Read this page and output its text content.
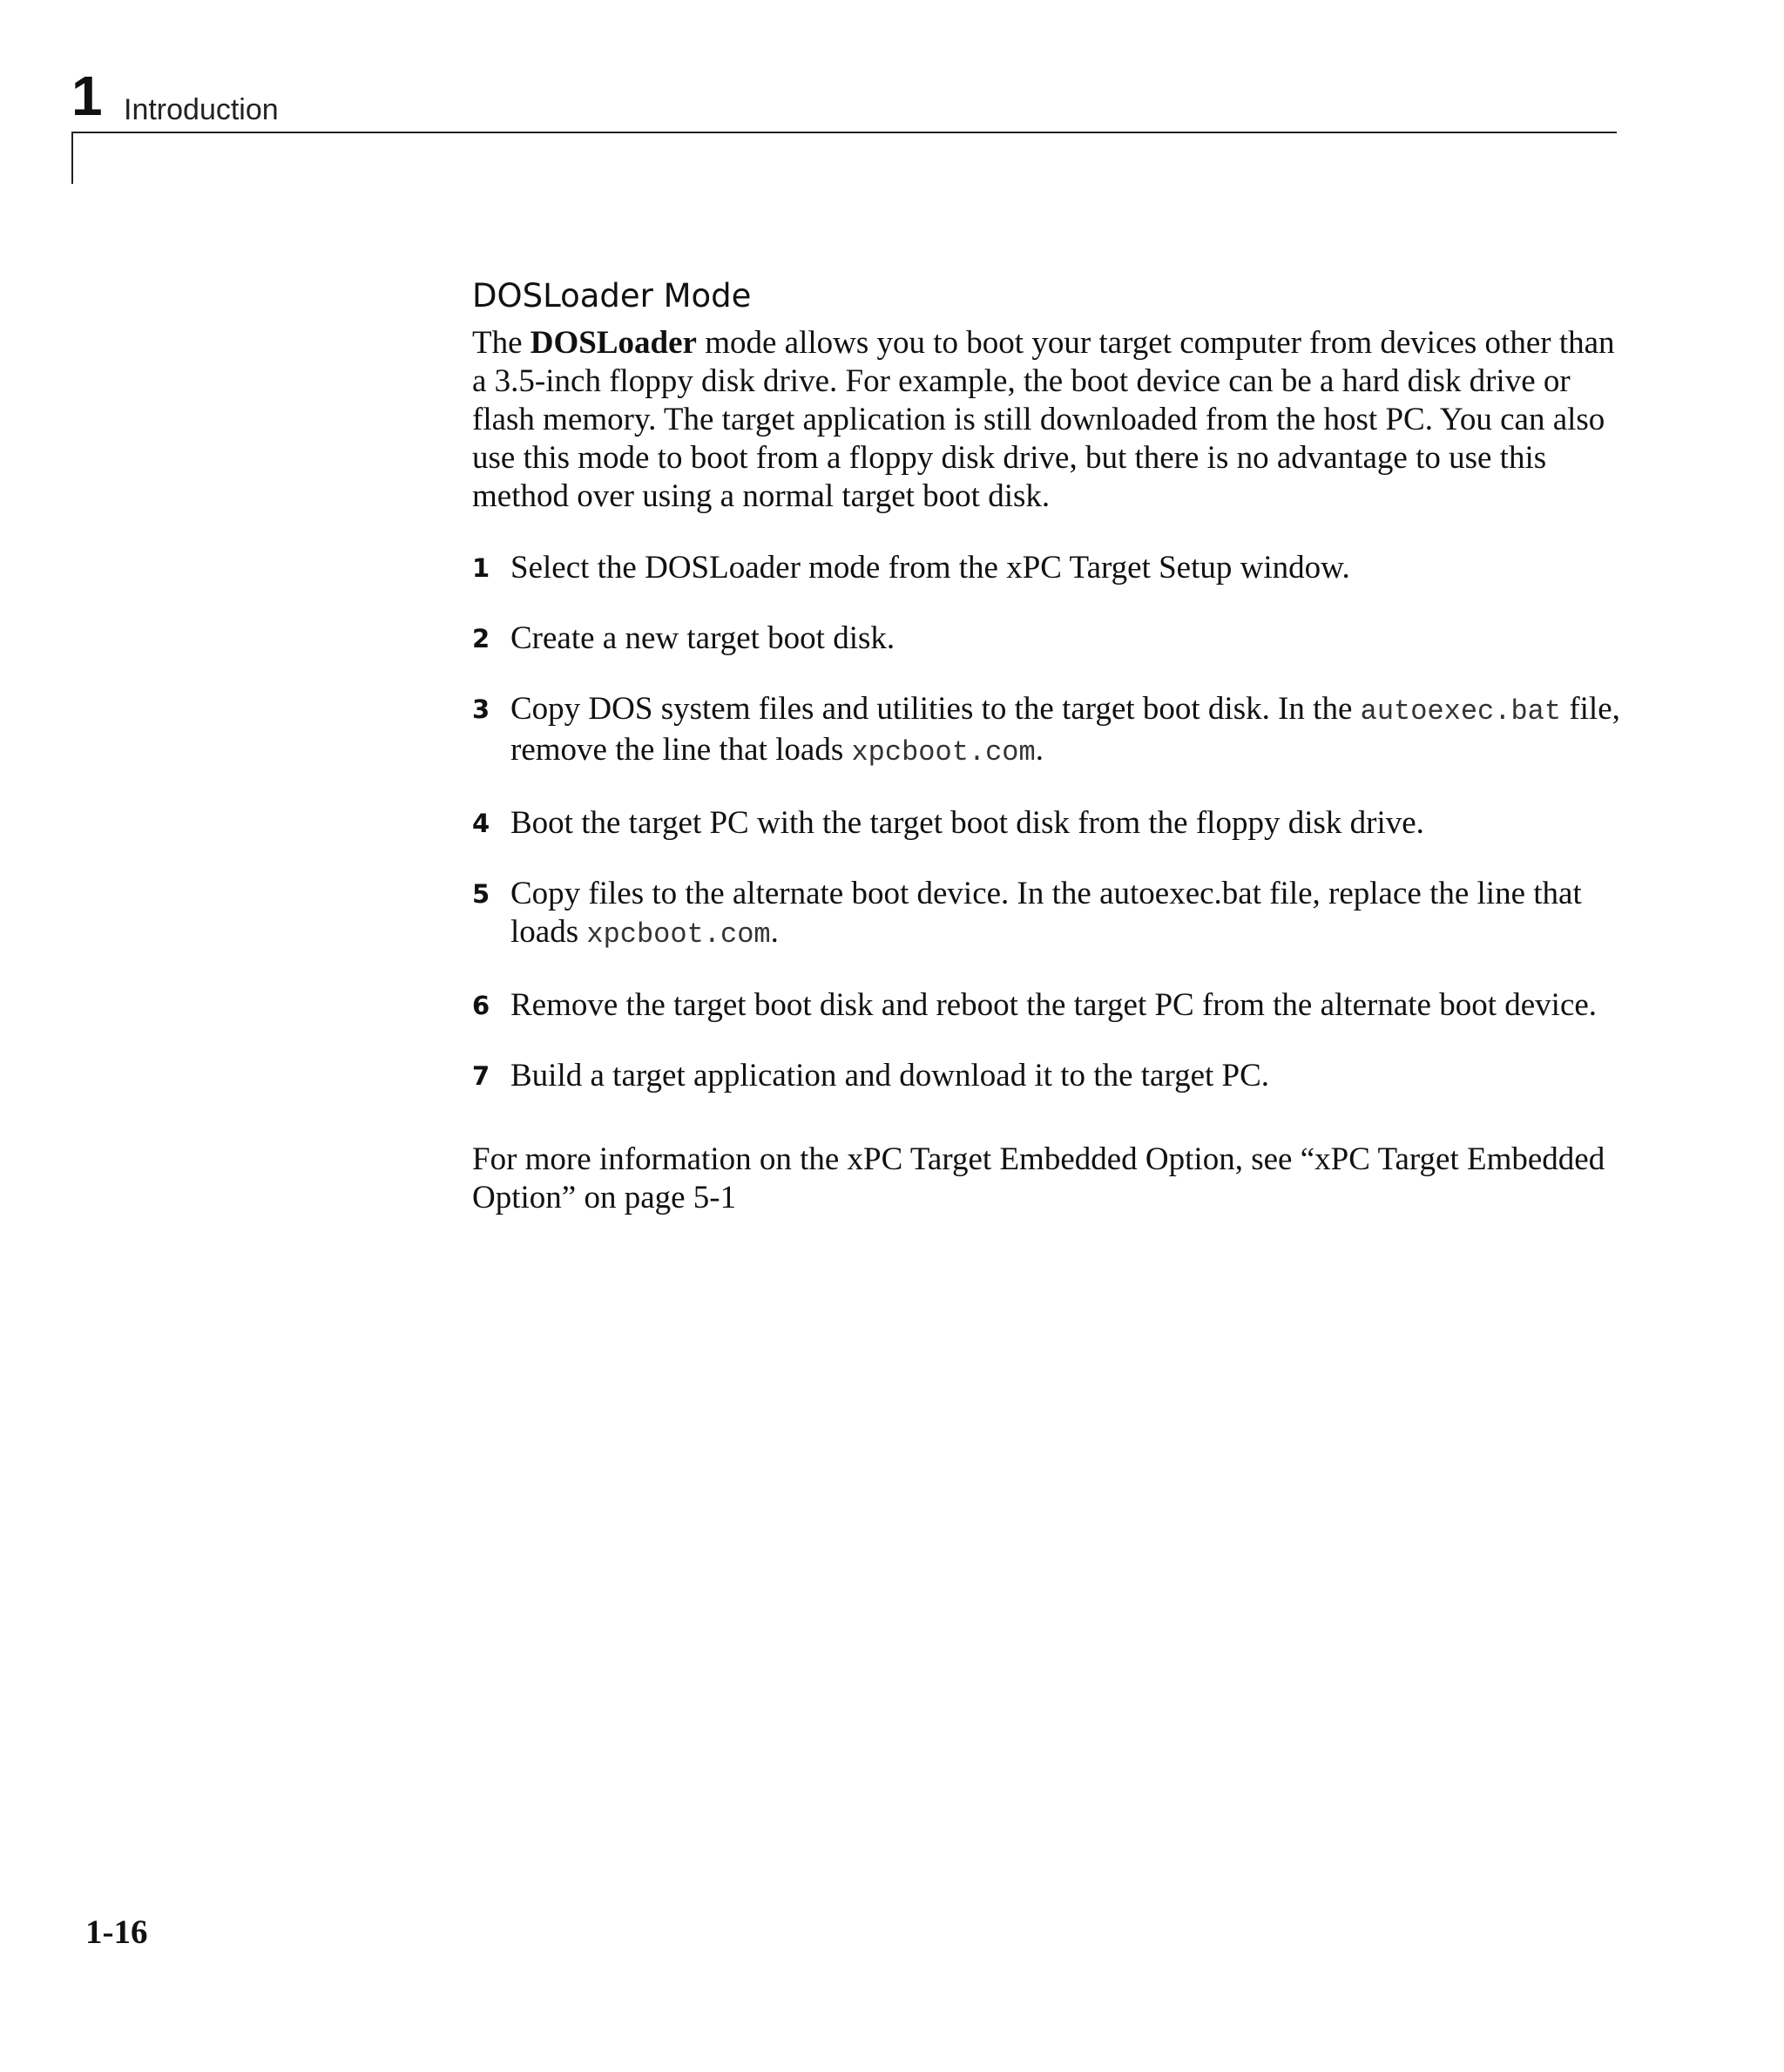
1 Introduction
DOSLoader Mode

The DOSLoader mode allows you to boot your target computer from devices other than a 3.5-inch floppy disk drive. For example, the boot device can be a hard disk drive or flash memory. The target application is still downloaded from the host PC. You can also use this mode to boot from a floppy disk drive, but there is no advantage to use this method over using a normal target boot disk.

1 Select the DOSLoader mode from the xPC Target Setup window.
2 Create a new target boot disk.
3 Copy DOS system files and utilities to the target boot disk. In the autoexec.bat file, remove the line that loads xpcboot.com.
4 Boot the target PC with the target boot disk from the floppy disk drive.
5 Copy files to the alternate boot device. In the autoexec.bat file, replace the line that loads xpcboot.com.
6 Remove the target boot disk and reboot the target PC from the alternate boot device.
7 Build a target application and download it to the target PC.

For more information on the xPC Target Embedded Option, see “xPC Target Embedded Option” on page 5-1

1-16
